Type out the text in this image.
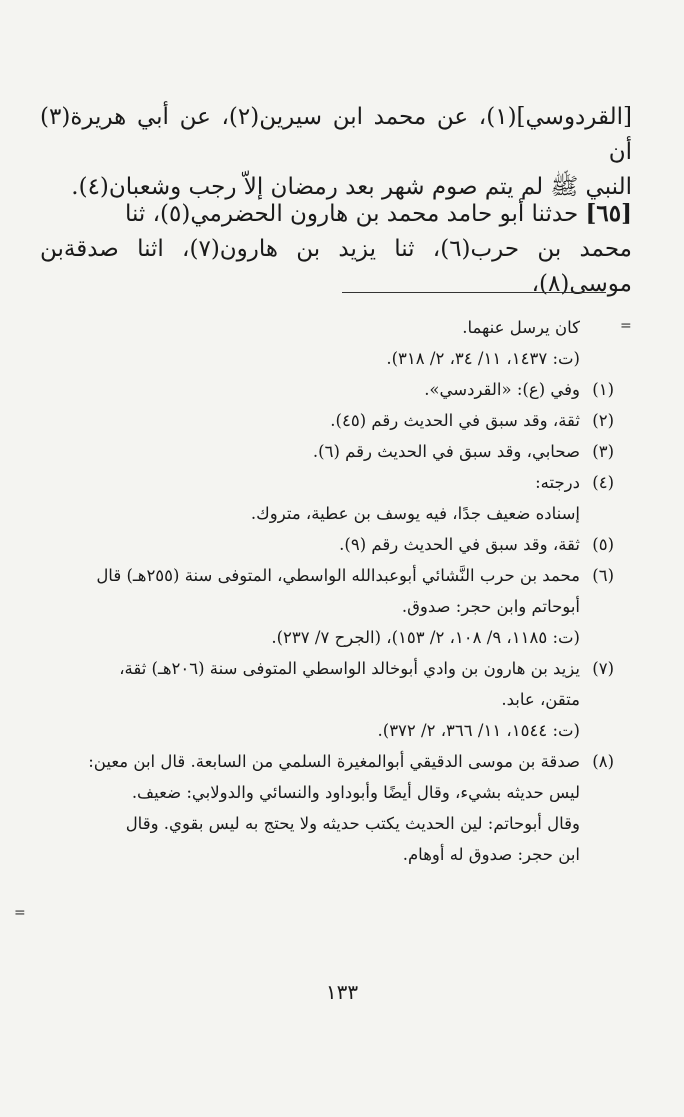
[القردوسي](١)، عن محمد ابن سيرين(٢)، عن أبي هريرة(٣) أن

النبي ﷺ لم يتم صوم شهر بعد رمضان إلاّ رجب وشعبان(٤).

[٦٥] حدثنا أبو حامد محمد بن هارون الحضرمي(٥)، ثنا

محمد بن حرب(٦)، ثنا يزيد بن هارون(٧)، اثنا صدقةبن موسى(٨)،

=
=
كان يرسل عنهما.
(ت: ١٤٣٧، ١١/ ٣٤، ٢/ ٣١٨).
(١)
وفي (ع): «القردسي».
(٢)
ثقة، وقد سبق في الحديث رقم (٤٥).
(٣)
صحابي، وقد سبق في الحديث رقم (٦).
(٤)
درجته:
إسناده ضعيف جدًا، فيه يوسف بن عطية، متروك.
(٥)
ثقة، وقد سبق في الحديث رقم (٩).
(٦)
محمد بن حرب النَّشائي أبوعبدالله الواسطي، المتوفى سنة (٢٥٥هـ) قال
أبوحاتم وابن حجر: صدوق.
(ت: ١١٨٥، ٩/ ١٠٨، ٢/ ١٥٣)، (الجرح ٧/ ٢٣٧).
(٧)
يزيد بن هارون بن وادي أبوخالد الواسطي المتوفى سنة (٢٠٦هـ) ثقة،
متقن، عابد.
(ت: ١٥٤٤، ١١/ ٣٦٦، ٢/ ٣٧٢).
(٨)
صدقة بن موسى الدقيقي أبوالمغيرة السلمي من السابعة. قال ابن معين:
ليس حديثه بشيء، وقال أيضًا وأبوداود والنسائي والدولابي: ضعيف.
وقال أبوحاتم: لين الحديث يكتب حديثه ولا يحتج به ليس بقوي. وقال
ابن حجر: صدوق له أوهام.
١٣٣
